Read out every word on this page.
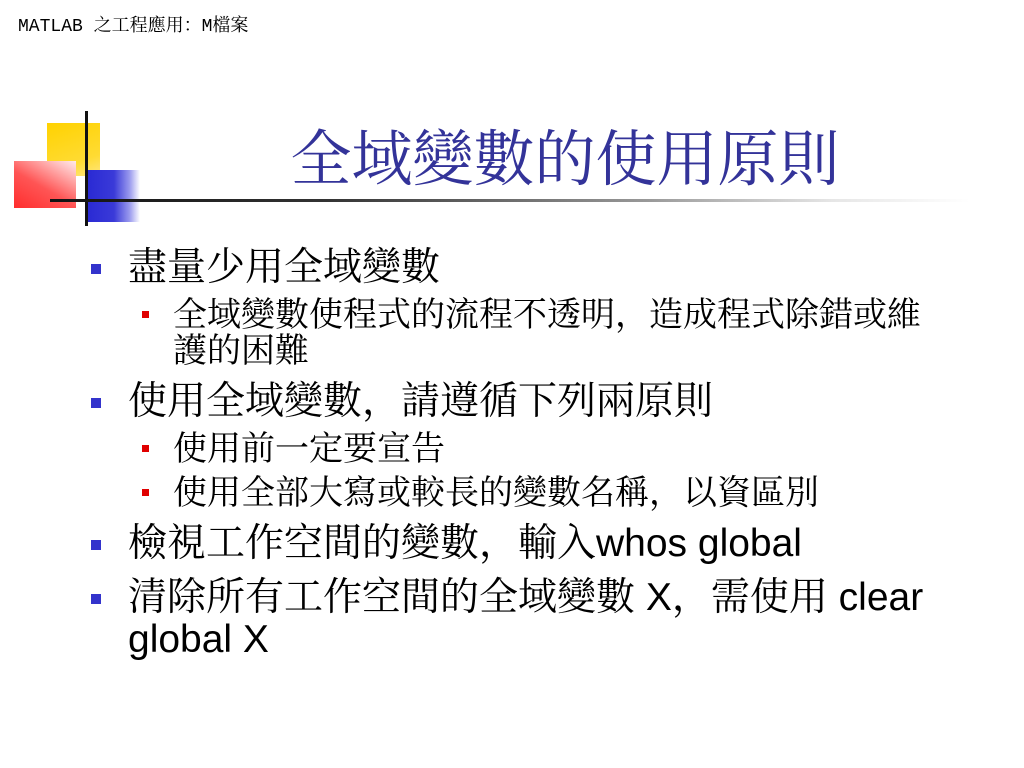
MATLAB 之工程應用：M檔案
全域變數的使用原則
盡量少用全域變數
全域變數使程式的流程不透明，造成程式除錯或維護的困難
使用全域變數，請遵循下列兩原則
使用前一定要宣告
使用全部大寫或較長的變數名稱，以資區別
檢視工作空間的變數，輸入whos global
清除所有工作空間的全域變數 X，需使用 clear global X
